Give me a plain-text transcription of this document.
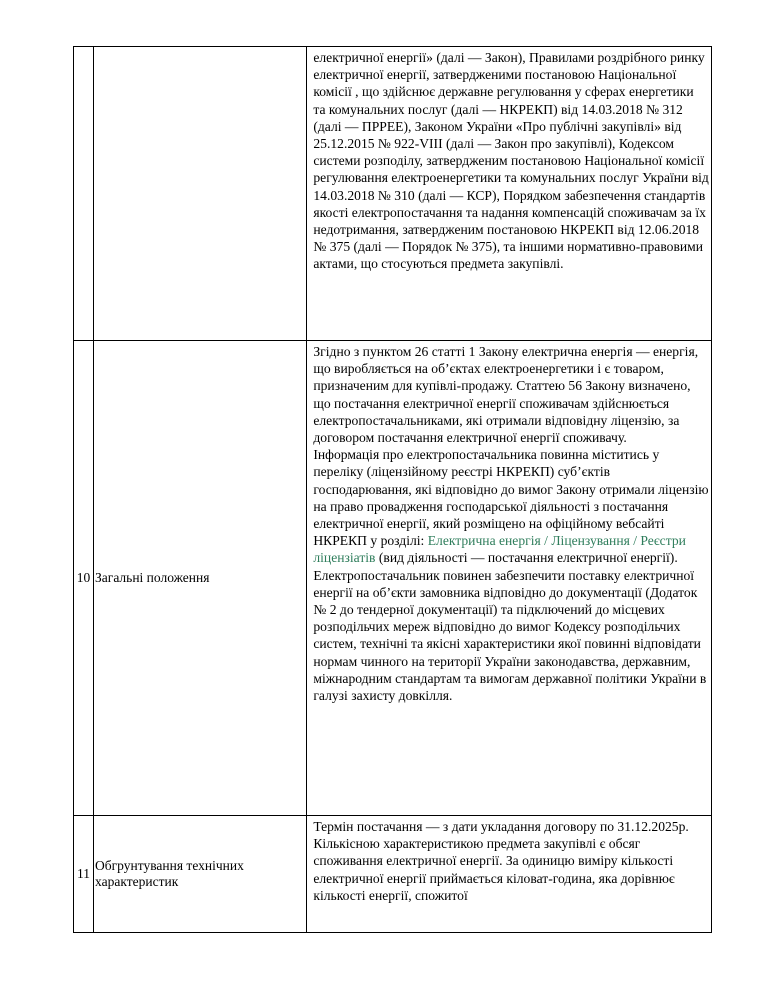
		електричної енергії» (далі — Закон), Правилами роздрібного ринку електричної енергії, затвердженими постановою Національної комісії , що здійснює державне регулювання у сферах енергетики та комунальних послуг (далі — НКРЕКП) від 14.03.2018 № 312 (далі — ПРРЕЕ), Законом України «Про публічні закупівлі» від 25.12.2015 № 922-VIII (далі — Закон про закупівлі), Кодексом системи розподілу, затвердженим постановою Національної комісії регулювання електроенергетики та комунальних послуг України від 14.03.2018 № 310 (далі — КСР), Порядком забезпечення стандартів якості електропостачання та надання компенсацій споживачам за їх недотримання, затвердженим постановою НКРЕКП від 12.06.2018 № 375 (далі — Порядок № 375), та іншими нормативно-правовими актами, що стосуються предмета закупівлі.

10	Загальні положення	Згідно з пунктом 26 статті 1 Закону електрична енергія — енергія, що виробляється на об’єктах електроенергетики і є товаром, призначеним для купівлі-продажу. Статтею 56 Закону визначено, що постачання електричної енергії споживачам здійснюється електропостачальниками, які отримали відповідну ліцензію, за договором постачання електричної енергії споживачу.

Інформація про електропостачальника повинна міститись у переліку (ліцензійному реєстрі НКРЕКП) суб’єктів господарювання, які відповідно до вимог Закону отримали ліцензію на право провадження господарської діяльності з постачання електричної енергії, який розміщено на офіційному вебсайті НКРЕКП у розділі: Електрична енергія / Ліцензування / Реєстри ліцензіатів (вид діяльності — постачання електричної енергії).

Електропостачальник повинен забезпечити поставку електричної енергії на об’єкти замовника відповідно до документації (Додаток № 2 до тендерної документації) та підключений до місцевих розподільчих мереж відповідно до вимог Кодексу розподільчих систем, технічні та якісні характеристики якої повинні відповідати нормам чинного на території України законодавства, державним, міжнародним стандартам та вимогам державної політики України в галузі захисту довкілля.

11	Обгрунтування технічних характеристик	Термін постачання — з дати укладання договору по 31.12.2025р.

Кількісною характеристикою предмета закупівлі є обсяг споживання електричної енергії. За одиницю виміру кількості електричної енергії приймається кіловат-година, яка дорівнює кількості енергії, спожитої
